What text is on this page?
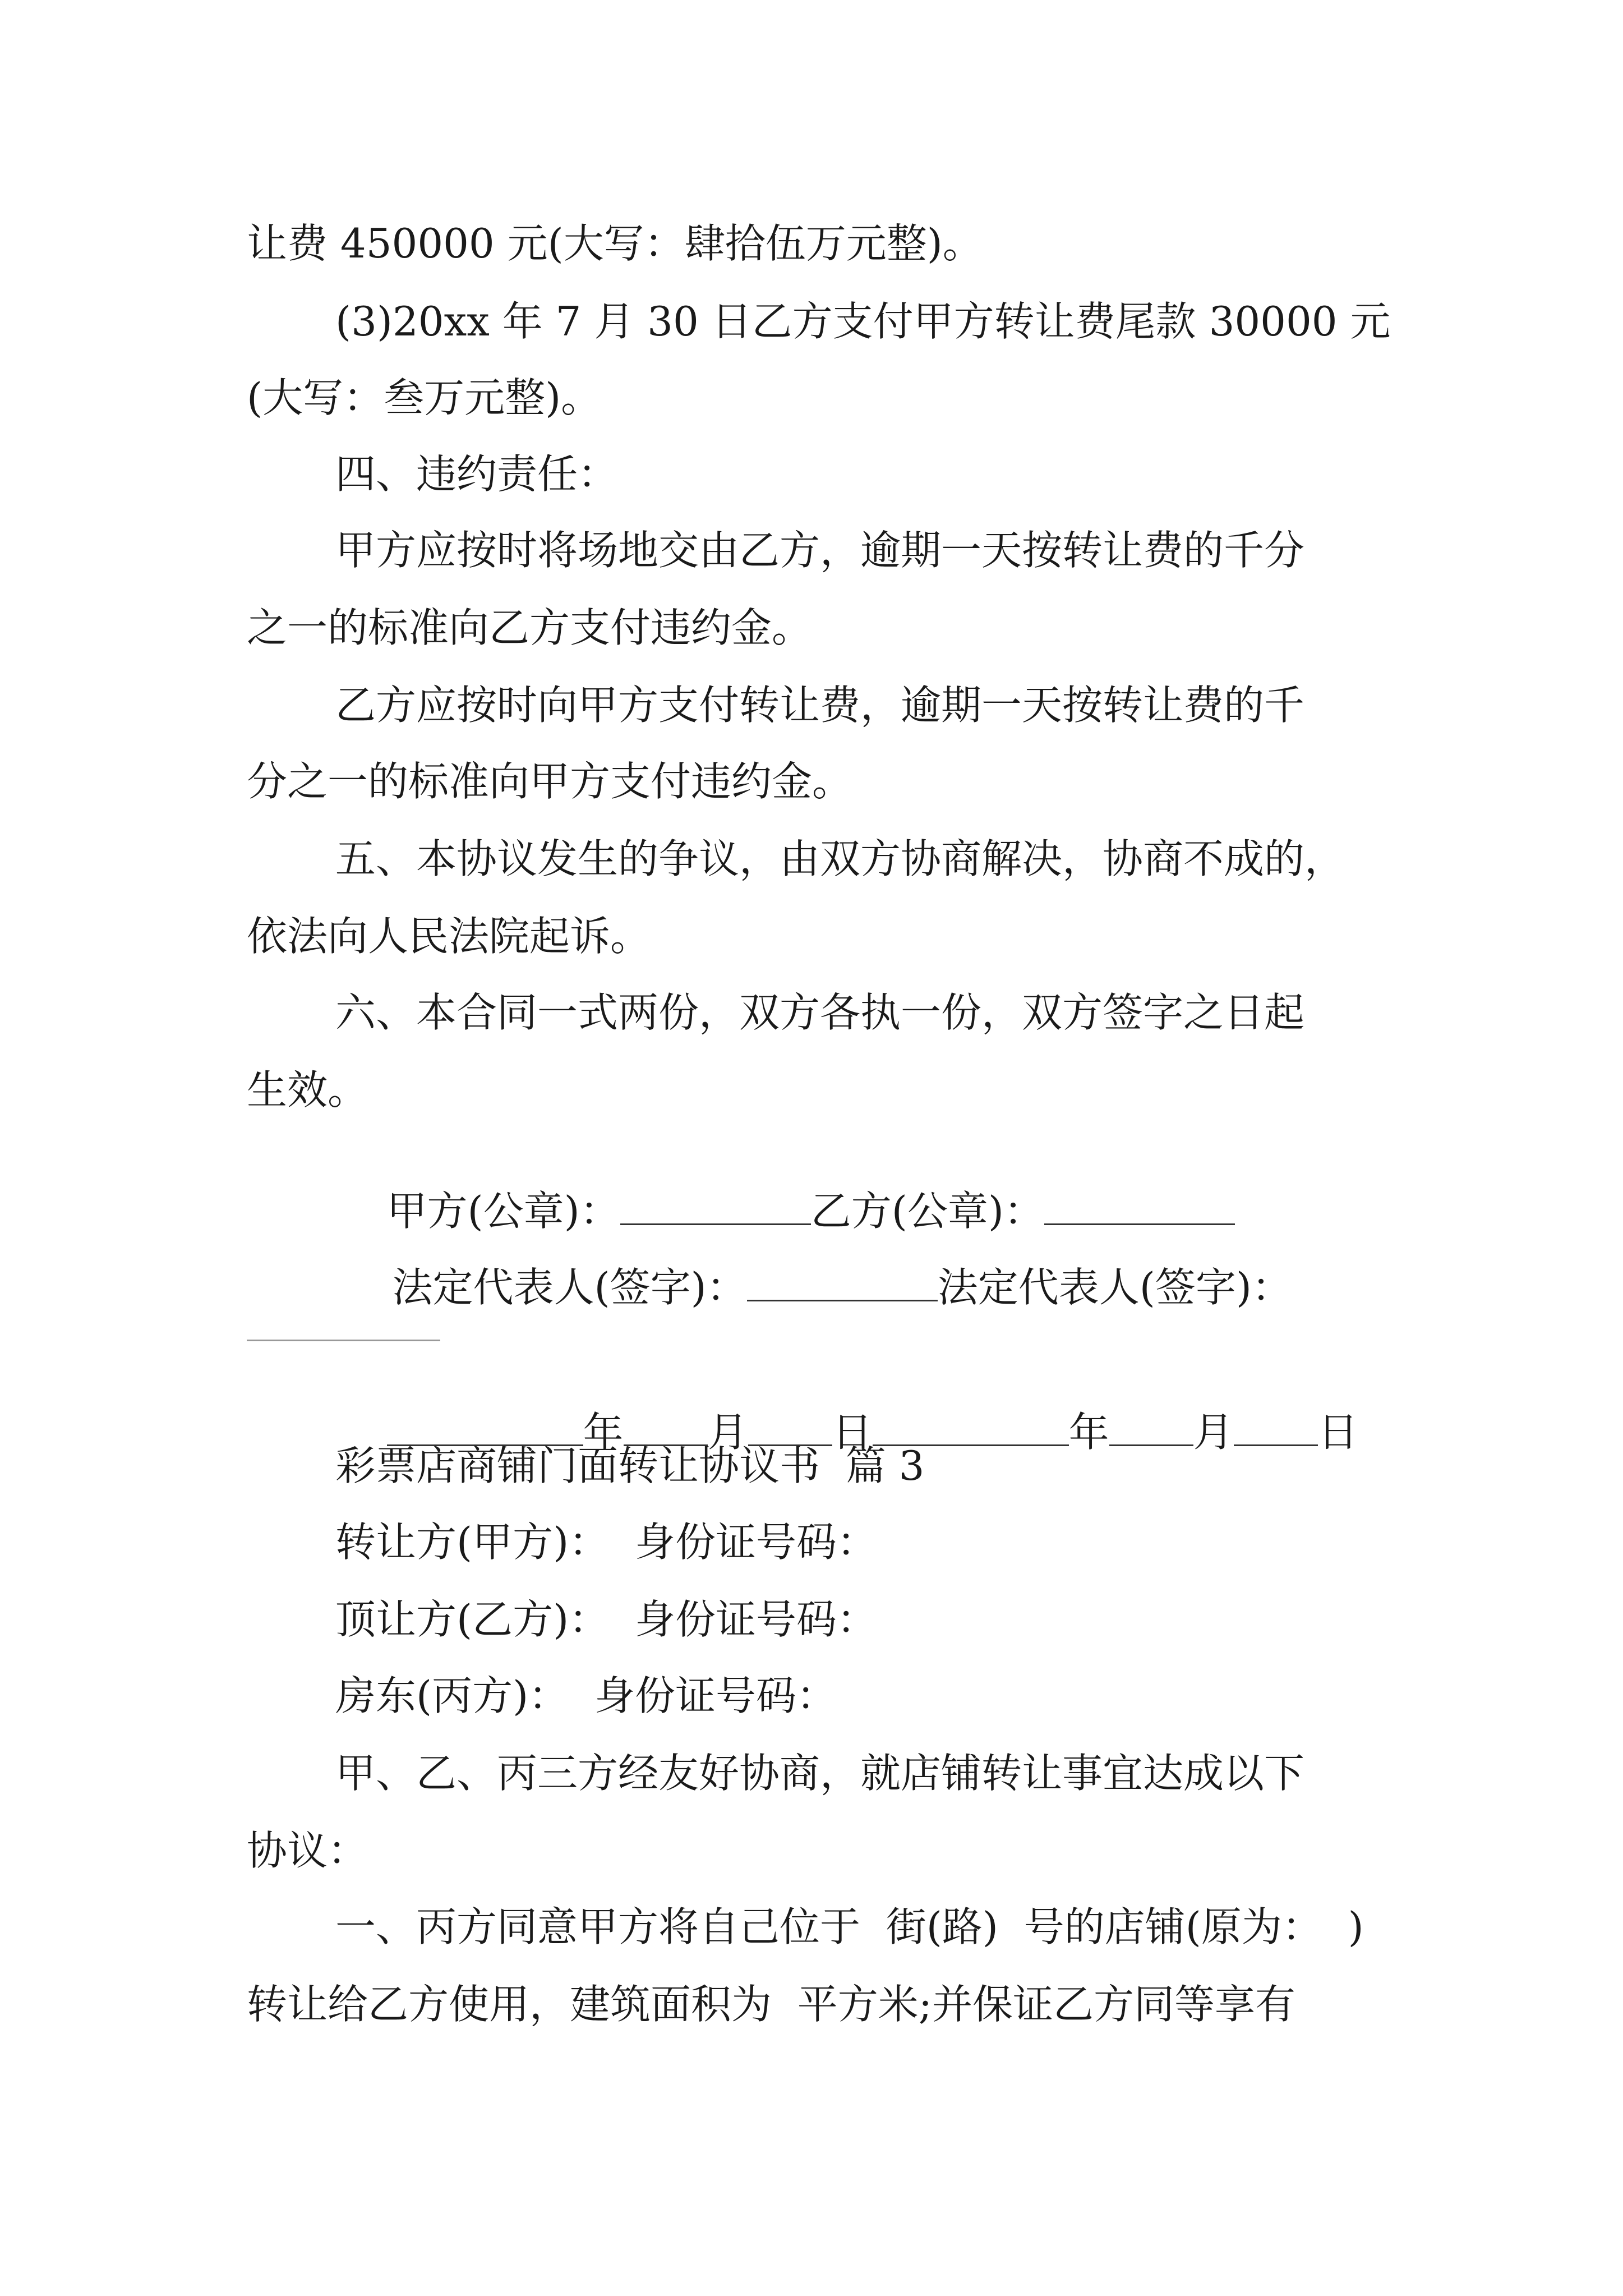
让费 450000 元(大写：肆拾伍万元整)。
(3)20xx 年 7 月 30 日乙方支付甲方转让费尾款 30000 元
(大写：叁万元整)。
四、违约责任：
甲方应按时将场地交由乙方，逾期一天按转让费的千分
之一的标准向乙方支付违约金。
乙方应按时向甲方支付转让费，逾期一天按转让费的千
分之一的标准向甲方支付违约金。
五、本协议发生的争议，由双方协商解决，协商不成的，
依法向人民法院起诉。
六、本合同一式两份，双方各执一份，双方签字之日起
生效。

甲方(公章)：	乙方(公章)：

法定代表人(签字)：	法定代表人(签字)：

年 月 日	年 月 日

彩票店商铺门面转让协议书  篇 3
转让方(甲方)：  身份证号码：
顶让方(乙方)：  身份证号码：
房东(丙方)：  身份证号码：
甲、乙、丙三方经友好协商，就店铺转让事宜达成以下
协议：
一、丙方同意甲方将自己位于  街(路)  号的店铺(原为：  )
转让给乙方使用，建筑面积为  平方米;并保证乙方同等享有
